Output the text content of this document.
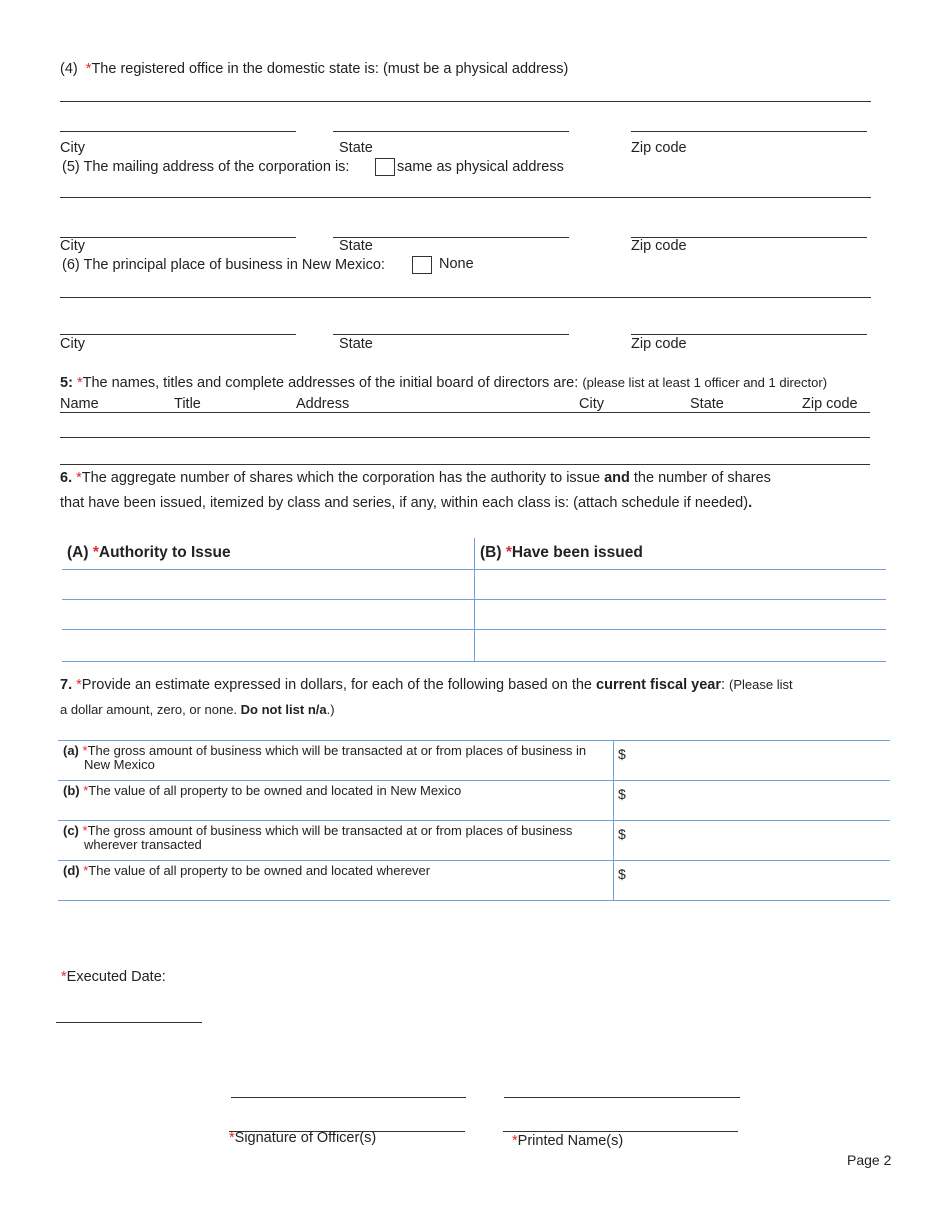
(4) *The registered office in the domestic state is: (must be a physical address)
City	State	Zip code
(5) The mailing address of the corporation is:	same as physical address
City	State	Zip code
(6) The principal place of business in New Mexico:	None
City	State	Zip code
5: *The names, titles and complete addresses of the initial board of directors are: (please list at least 1 officer and 1 director)
Name	Title	Address	City	State	Zip code
6. *The aggregate number of shares which the corporation has the authority to issue and the number of shares
that have been issued, itemized by class and series, if any, within each class is: (attach schedule if needed).
(A) *Authority to Issue	(B) *Have been issued
7. *Provide an estimate expressed in dollars, for each of the following based on the current fiscal year: (Please list
a dollar amount, zero, or none. Do not list n/a.)
(a) *The gross amount of business which will be transacted at or from places of business in New Mexico
$
(b) *The value of all property to be owned and located in New Mexico	$
(c) *The gross amount of business which will be transacted at or from places of business wherever transacted
$
(d) *The value of all property to be owned and located wherever	$
*Executed Date:
*Signature of Officer(s)	*Printed Name(s)
Page 2
